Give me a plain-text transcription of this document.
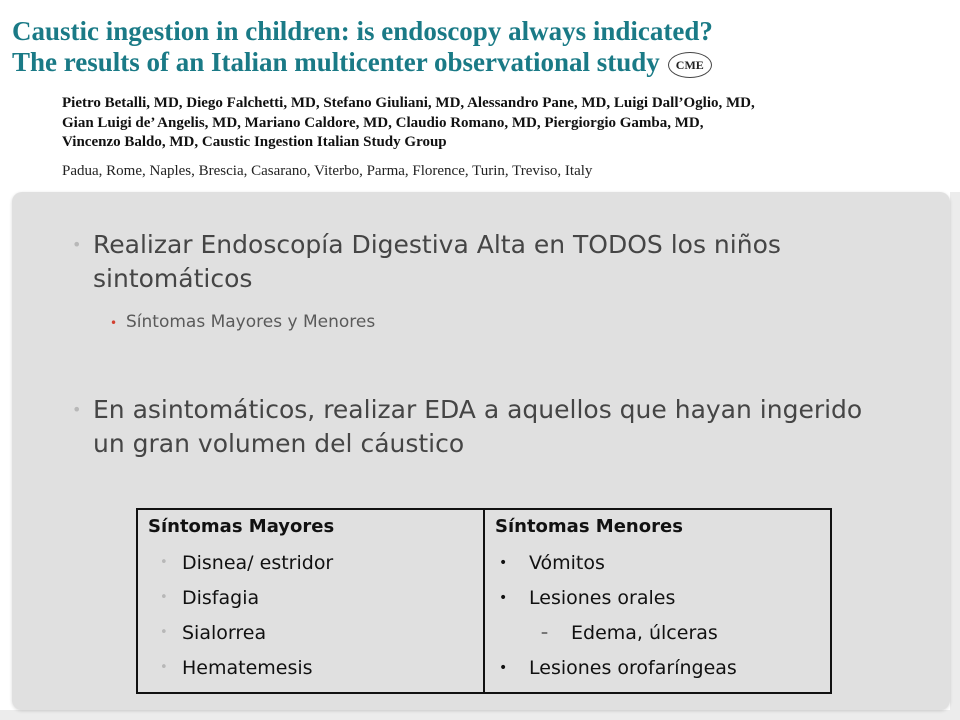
Caustic ingestion in children: is endoscopy always indicated?
The results of an Italian multicenter observational study CME
Pietro Betalli, MD, Diego Falchetti, MD, Stefano Giuliani, MD, Alessandro Pane, MD, Luigi Dall’Oglio, MD,
Gian Luigi de’ Angelis, MD, Mariano Caldore, MD, Claudio Romano, MD, Piergiorgio Gamba, MD,
Vincenzo Baldo, MD, Caustic Ingestion Italian Study Group
Padua, Rome, Naples, Brescia, Casarano, Viterbo, Parma, Florence, Turin, Treviso, Italy
• Realizar Endoscopía Digestiva Alta en TODOS los niños sintomáticos
• Síntomas Mayores y Menores
• En asintomáticos, realizar EDA a aquellos que hayan ingerido un gran volumen del cáustico
Síntomas Mayores
• Disnea/ estridor
• Disfagia
• Sialorrea
• Hematemesis
Síntomas Menores
• Vómitos
• Lesiones orales
– Edema, úlceras
• Lesiones orofaríngeas
